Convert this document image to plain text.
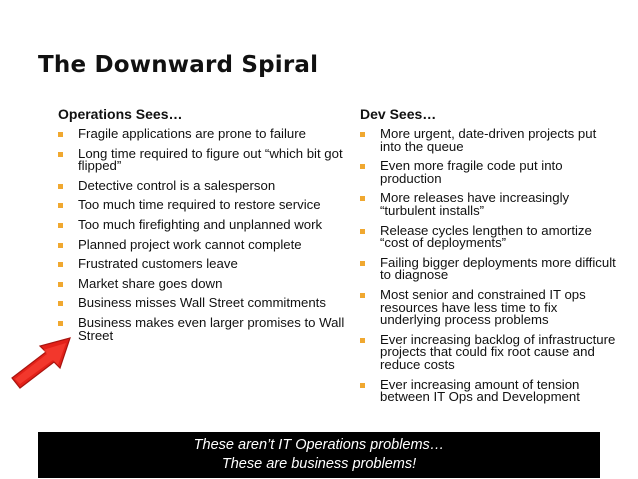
The Downward Spiral
Operations Sees…
Fragile applications are prone to failure
Long time required to figure out “which bit got flipped”
Detective control is a salesperson
Too much time required to restore service
Too much firefighting and unplanned work
Planned project work cannot complete
Frustrated customers leave
Market share goes down
Business misses Wall Street commitments
Business makes even larger promises to Wall Street
Dev Sees…
More urgent, date-driven projects put into the queue
Even more fragile code put into production
More releases have increasingly “turbulent installs”
Release cycles lengthen to amortize “cost of deployments”
Failing bigger deployments more difficult to diagnose
Most senior and constrained IT ops resources have less time to fix underlying process problems
Ever increasing backlog of infrastructure projects that could fix root cause and reduce costs
Ever increasing amount of tension between IT Ops and Development
These aren’t IT Operations problems…
These are business problems!
